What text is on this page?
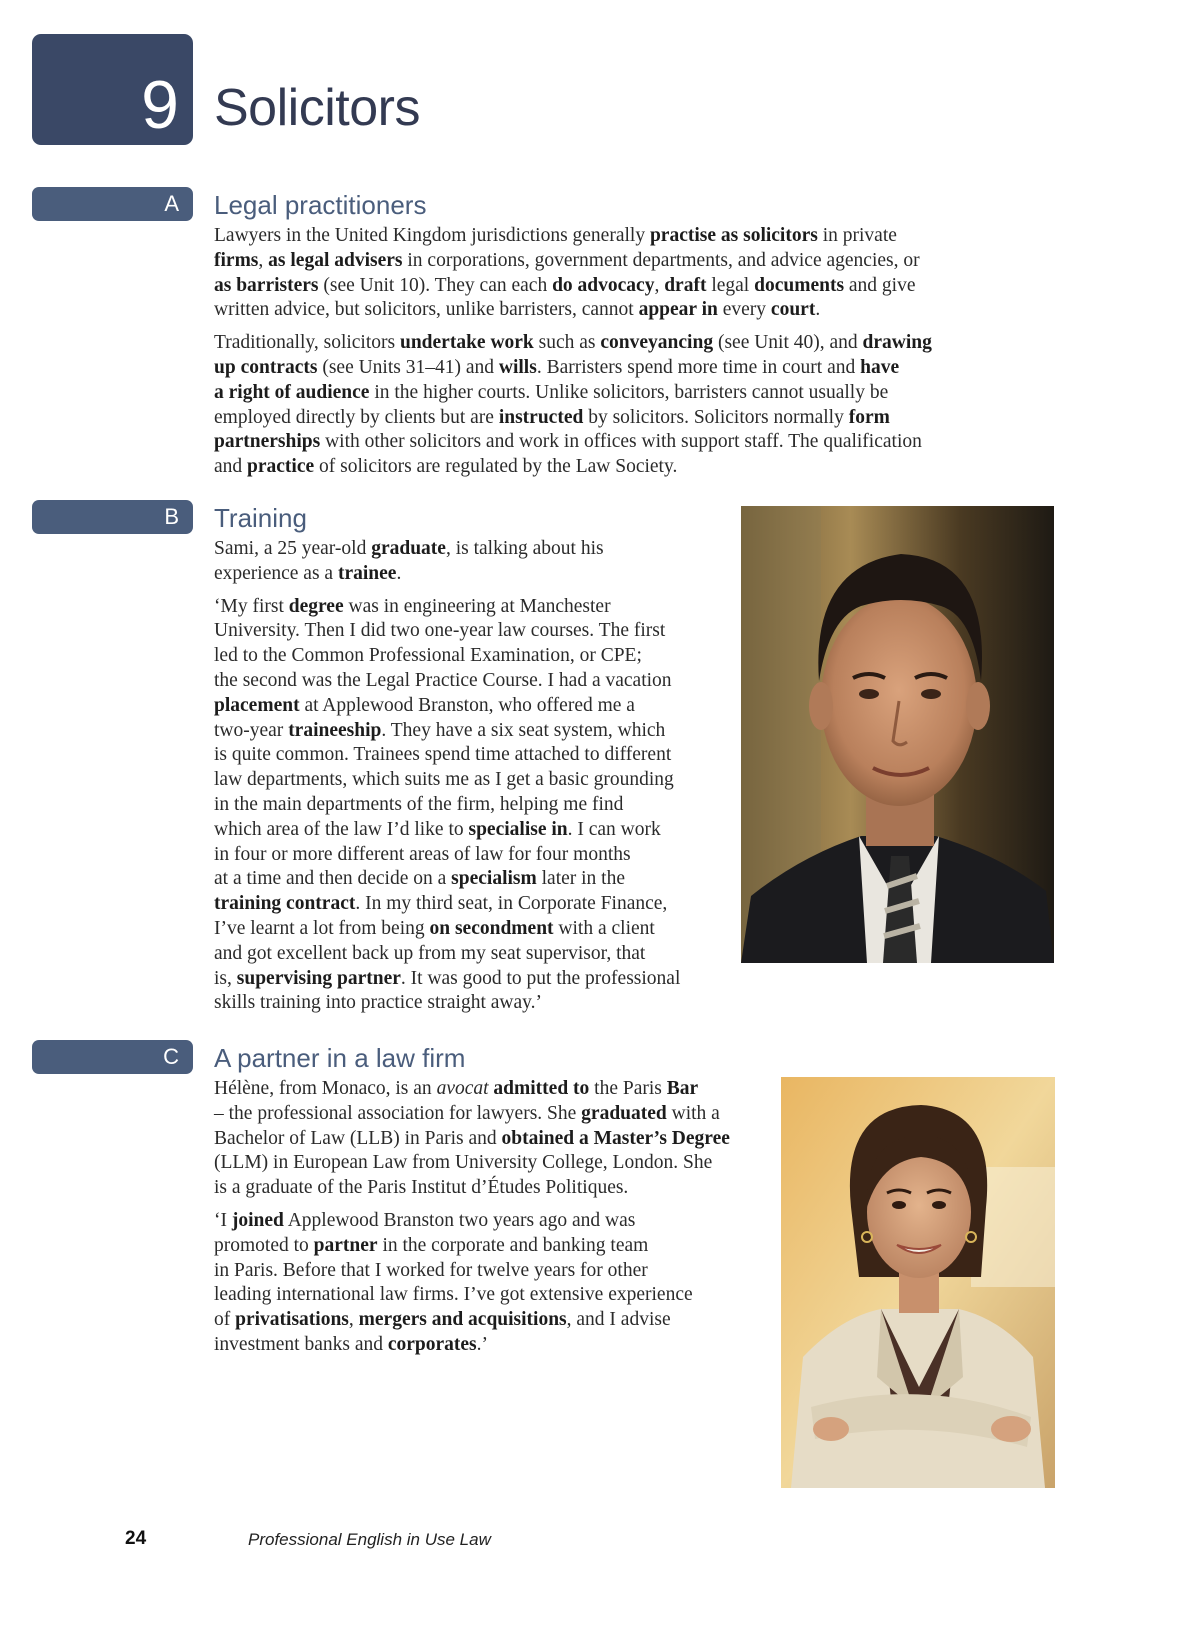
9 Solicitors
A	Legal practitioners

Lawyers in the United Kingdom jurisdictions generally practise as solicitors in private
firms, as legal advisers in corporations, government departments, and advice agencies, or
as barristers (see Unit 10). They can each do advocacy, draft legal documents and give
written advice, but solicitors, unlike barristers, cannot appear in every court.

Traditionally, solicitors undertake work such as conveyancing (see Unit 40), and drawing
up contracts (see Units 31–41) and wills. Barristers spend more time in court and have
a right of audience in the higher courts. Unlike solicitors, barristers cannot usually be
employed directly by clients but are instructed by solicitors. Solicitors normally form
partnerships with other solicitors and work in offices with support staff. The qualification
and practice of solicitors are regulated by the Law Society.

B	Training

Sami, a 25 year-old graduate, is talking about his
experience as a trainee.

‘My first degree was in engineering at Manchester
University. Then I did two one-year law courses. The first
led to the Common Professional Examination, or CPE;
the second was the Legal Practice Course. I had a vacation
placement at Applewood Branston, who offered me a
two-year traineeship. They have a six seat system, which
is quite common. Trainees spend time attached to different
law departments, which suits me as I get a basic grounding
in the main departments of the firm, helping me find
which area of the law I’d like to specialise in. I can work
in four or more different areas of law for four months
at a time and then decide on a specialism later in the
training contract. In my third seat, in Corporate Finance,
I’ve learnt a lot from being on secondment with a client
and got excellent back up from my seat supervisor, that
is, supervising partner. It was good to put the professional
skills training into practice straight away.’

C	A partner in a law firm

Hélène, from Monaco, is an avocat admitted to the Paris Bar
– the professional association for lawyers. She graduated with a
Bachelor of Law (LLB) in Paris and obtained a Master’s Degree
(LLM) in European Law from University College, London. She
is a graduate of the Paris Institut d’Études Politiques.

‘I joined Applewood Branston two years ago and was
promoted to partner in the corporate and banking team
in Paris. Before that I worked for twelve years for other
leading international law firms. I’ve got extensive experience
of privatisations, mergers and acquisitions, and I advise
investment banks and corporates.’

24	Professional English in Use Law
